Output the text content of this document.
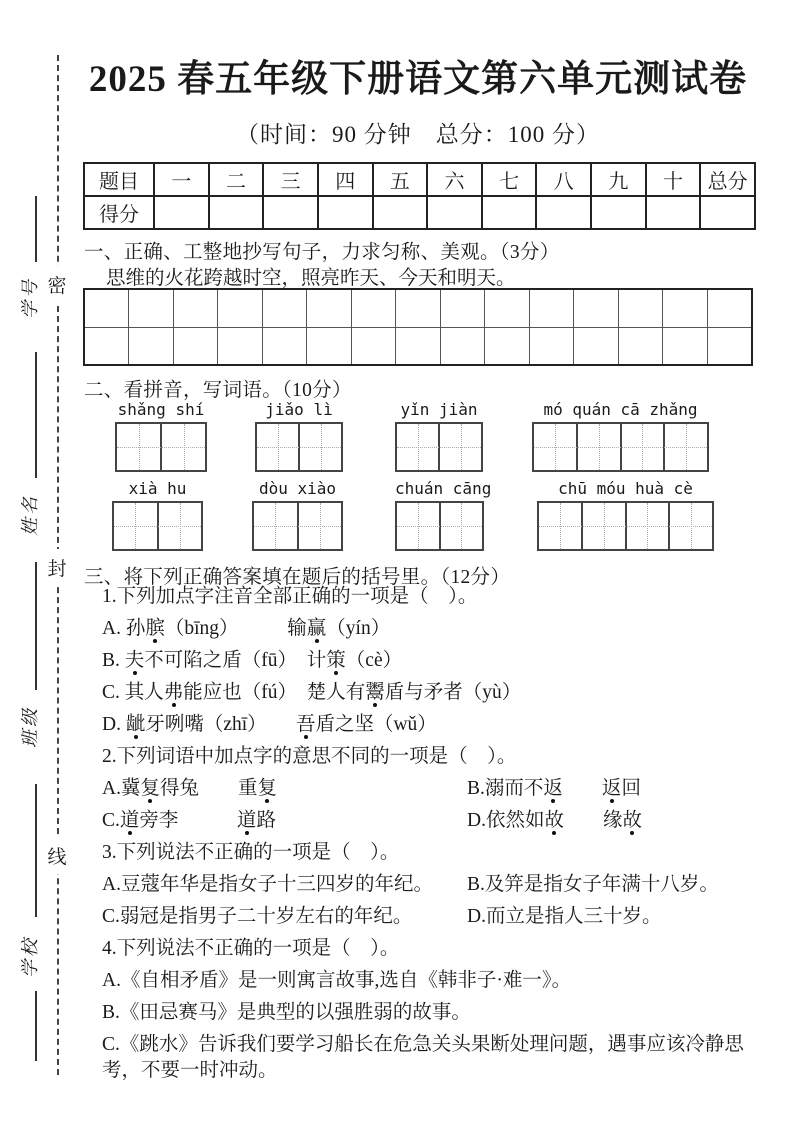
密
封
线
学号
姓名
班级
学校
2025 春五年级下册语文第六单元测试卷
（时间：90 分钟　总分：100 分）
题目	一	二	三	四	五	六	七	八	九	十	总分
得分											
一、正确、工整地抄写句子，力求匀称、美观。（3分）
思维的火花跨越时空，照亮昨天、今天和明天。

二、看拼音，写词语。（10分）
shǎng shí	jiǎo lì	yǐn jiàn	mó quán cā zhǎng
xià hu	dòu xiào	chuán cāng	chū móu huà cè
三、将下列正确答案填在题后的括号里。（12分）
1.下列加点字注音全部正确的一项是（　）。
A. 孙膑（bīng）　　　输赢（yín）
B. 夫不可陷之盾（fū）　计策（cè）
C. 其人弗能应也（fú）　楚人有鬻盾与矛者（yù）
D. 龇牙咧嘴（zhī）　　吾盾之坚（wǔ）
2.下列词语中加点字的意思不同的一项是（　）。
A.冀复得兔　　重复	B.溺而不返　　 返回
C.道旁李　　　道路	D.依然如故　　缘故
3.下列说法不正确的一项是（　）。
A.豆蔻年华是指女子十三四岁的年纪。	B.及笄是指女子年满十八岁。
C.弱冠是指男子二十岁左右的年纪。	D.而立是指人三十岁。
4.下列说法不正确的一项是（　）。
A.《自相矛盾》是一则寓言故事,选自《韩非子·难一》。
B.《田忌赛马》是典型的以强胜弱的故事。
C.《跳水》告诉我们要学习船长在危急关头果断处理问题，遇事应该冷静思考，不要一时冲动。
